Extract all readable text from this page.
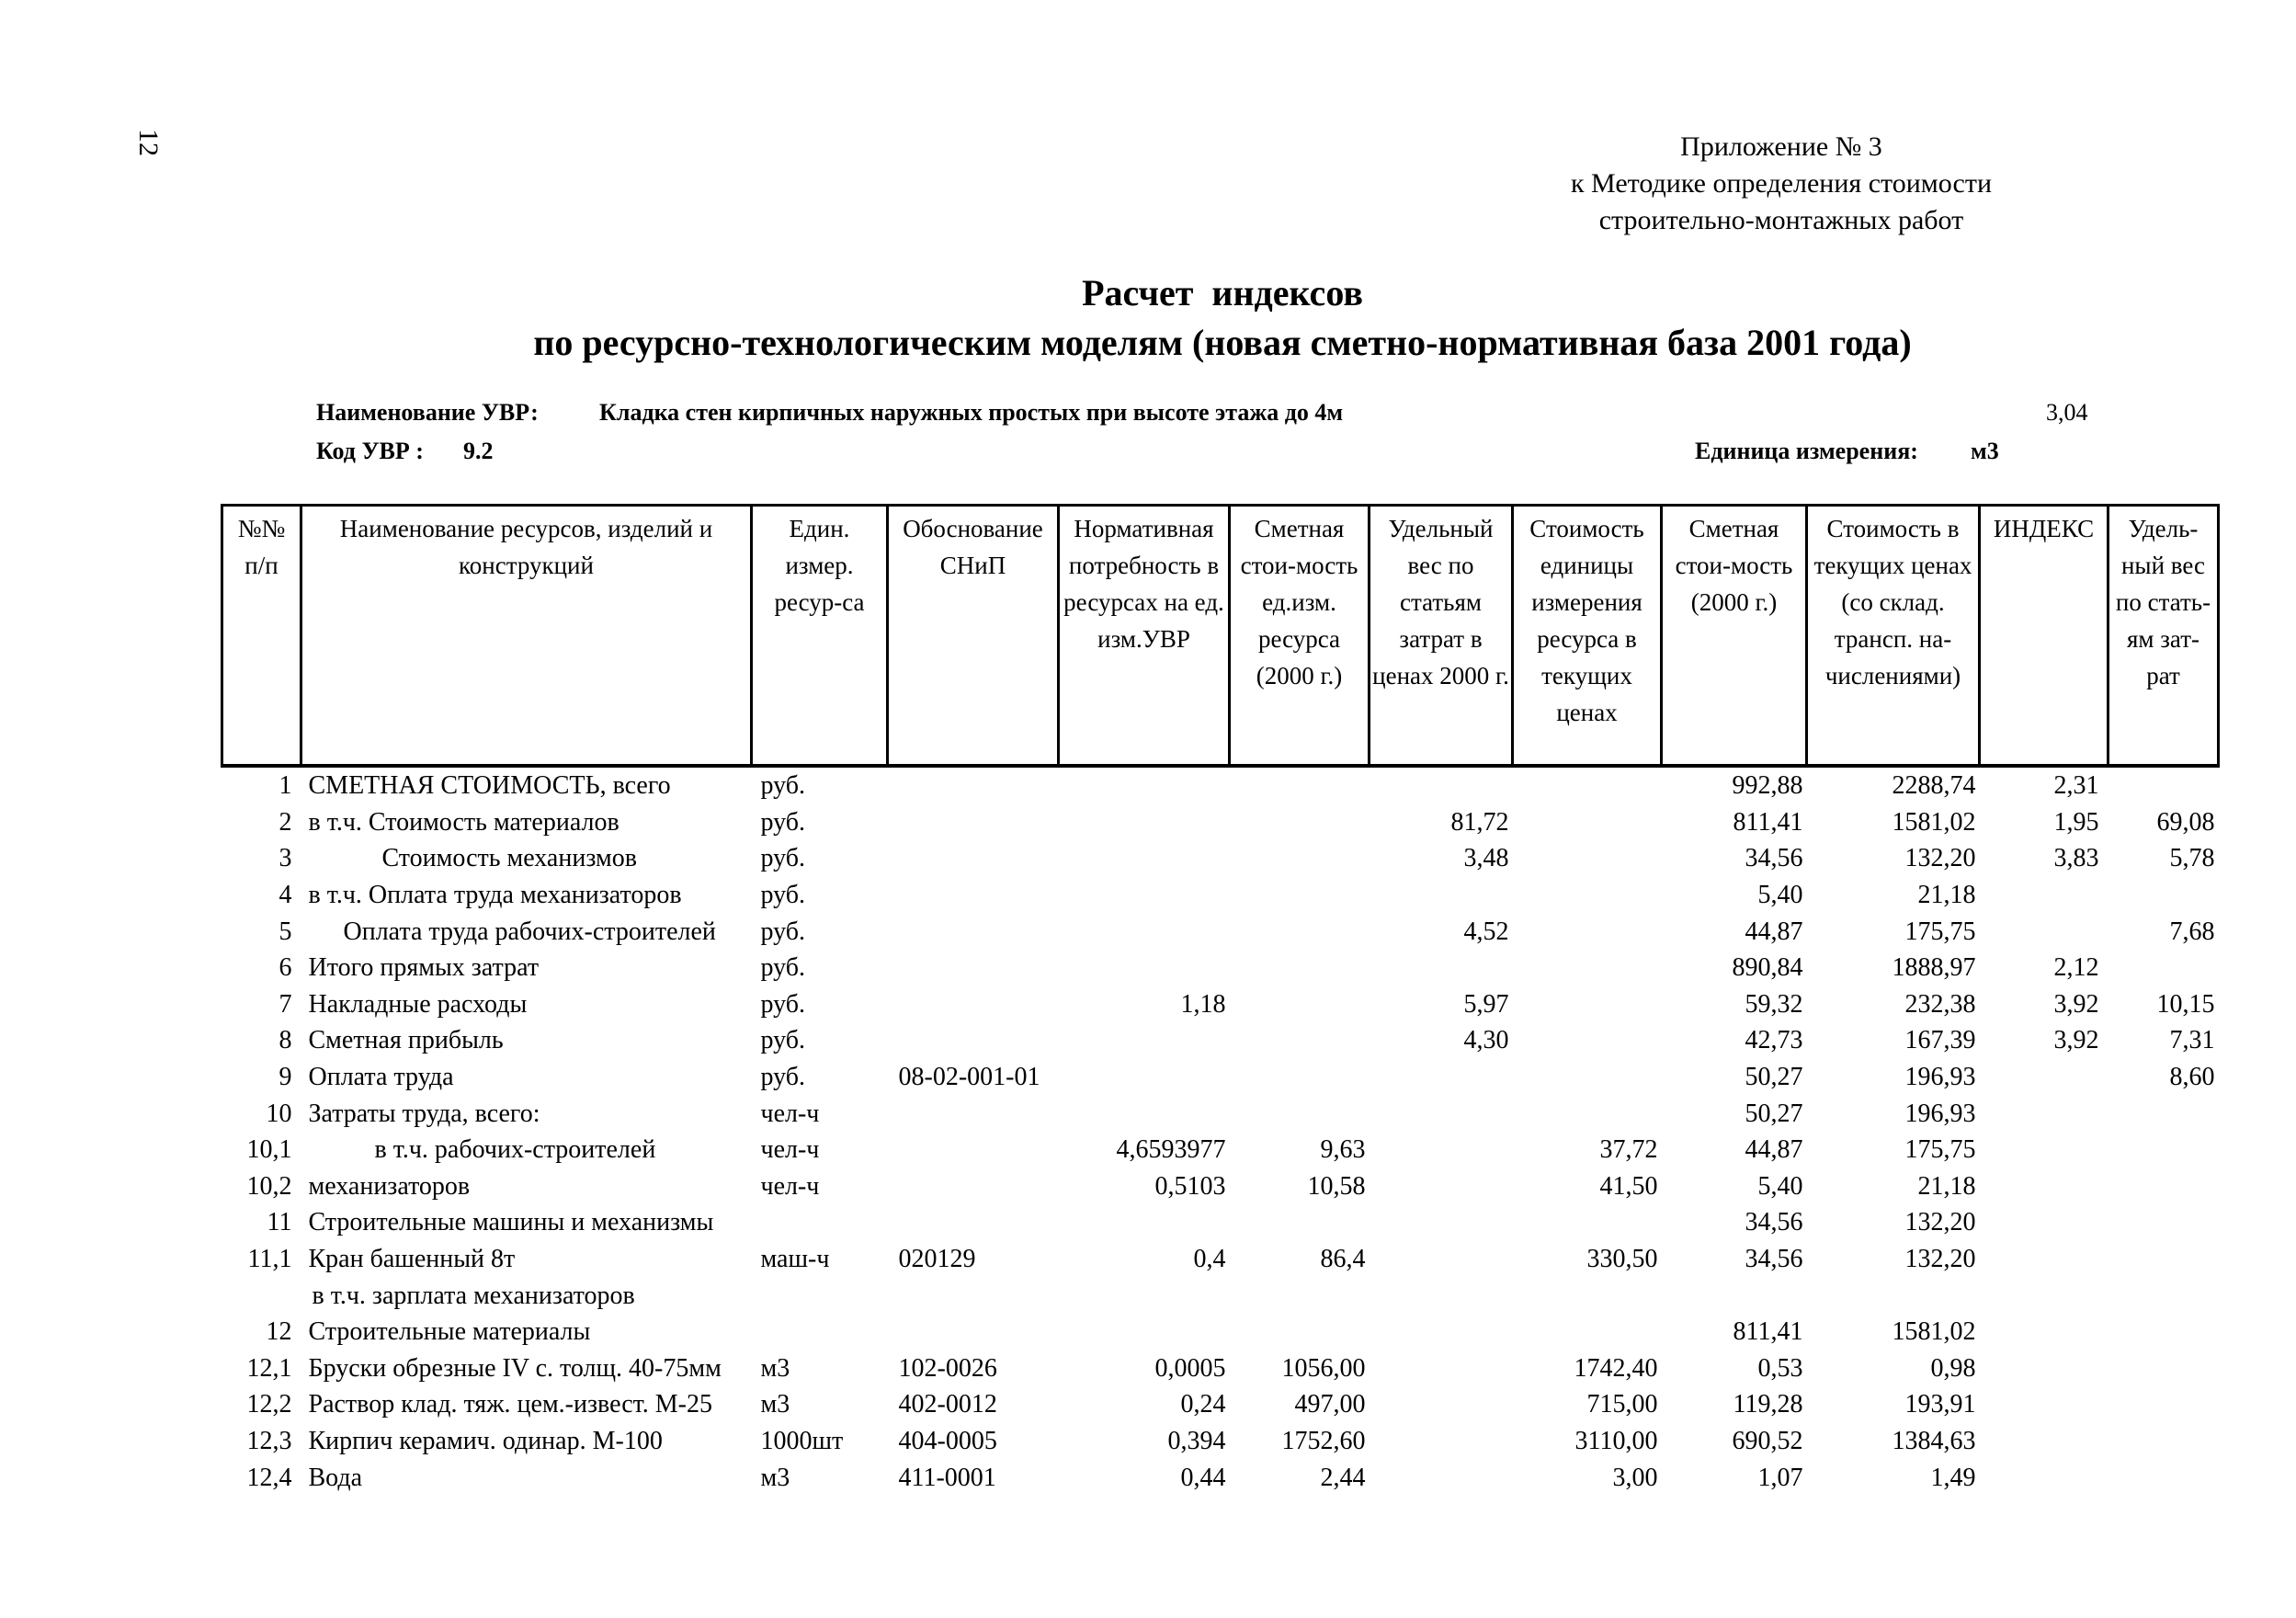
12	Приложение № 3
к Методике определения стоимости
строительно-монтажных работ
Расчет  индексов
по ресурсно-технологическим моделям (новая сметно-нормативная база 2001 года)
Наименование УВР:	Кладка стен кирпичных наружных простых при высоте этажа до 4м	3,04
Код УВР : 9.2	Единица измерения: м3
№№ п/п	Наименование ресурсов, изделий и конструкций	Един. измер. ресур-са	Обоснование СНиП	Нормативная потребность в ресурсах на ед. изм.УВР	Сметная стои-мость ед.изм. ресурса (2000 г.)	Удельный вес по статьям затрат в ценах 2000 г.	Стоимость единицы измерения ресурса в текущих ценах	Сметная стои-мость (2000 г.)	Стоимость в текущих ценах (со склад. трансп. на-числениями)	ИНДЕКС	Удель-ный вес по стать-ям зат-рат
1	СМЕТНАЯ СТОИМОСТЬ, всего	руб.						992,88	2288,74	2,31	
2	в т.ч. Стоимость материалов	руб.				81,72		811,41	1581,02	1,95	69,08
3	Стоимость механизмов	руб.				3,48		34,56	132,20	3,83	5,78
4	в т.ч. Оплата труда механизаторов	руб.						5,40	21,18		
5	Оплата труда рабочих-строителей	руб.				4,52		44,87	175,75		7,68
6	Итого прямых затрат	руб.						890,84	1888,97	2,12	
7	Накладные расходы	руб.		1,18		5,97		59,32	232,38	3,92	10,15
8	Сметная прибыль	руб.				4,30		42,73	167,39	3,92	7,31
9	Оплата труда	руб.	08-02-001-01					50,27	196,93		8,60
10	Затраты труда, всего:	чел-ч						50,27	196,93		
10,1	в т.ч. рабочих-строителей	чел-ч		4,6593977	9,63		37,72	44,87	175,75		
10,2	механизаторов	чел-ч		0,5103	10,58		41,50	5,40	21,18		
11	Строительные машины и механизмы							34,56	132,20		
11,1	Кран башенный 8т	маш-ч	020129	0,4	86,4		330,50	34,56	132,20		
	в т.ч. зарплата механизаторов										
12	Строительные материалы							811,41	1581,02		
12,1	Бруски обрезные IV с. толщ. 40-75мм	м3	102-0026	0,0005	1056,00		1742,40	0,53	0,98		
12,2	Раствор клад. тяж. цем.-извест. М-25	м3	402-0012	0,24	497,00		715,00	119,28	193,91		
12,3	Кирпич керамич. одинар. М-100	1000шт	404-0005	0,394	1752,60		3110,00	690,52	1384,63		
12,4	Вода	м3	411-0001	0,44	2,44		3,00	1,07	1,49		
